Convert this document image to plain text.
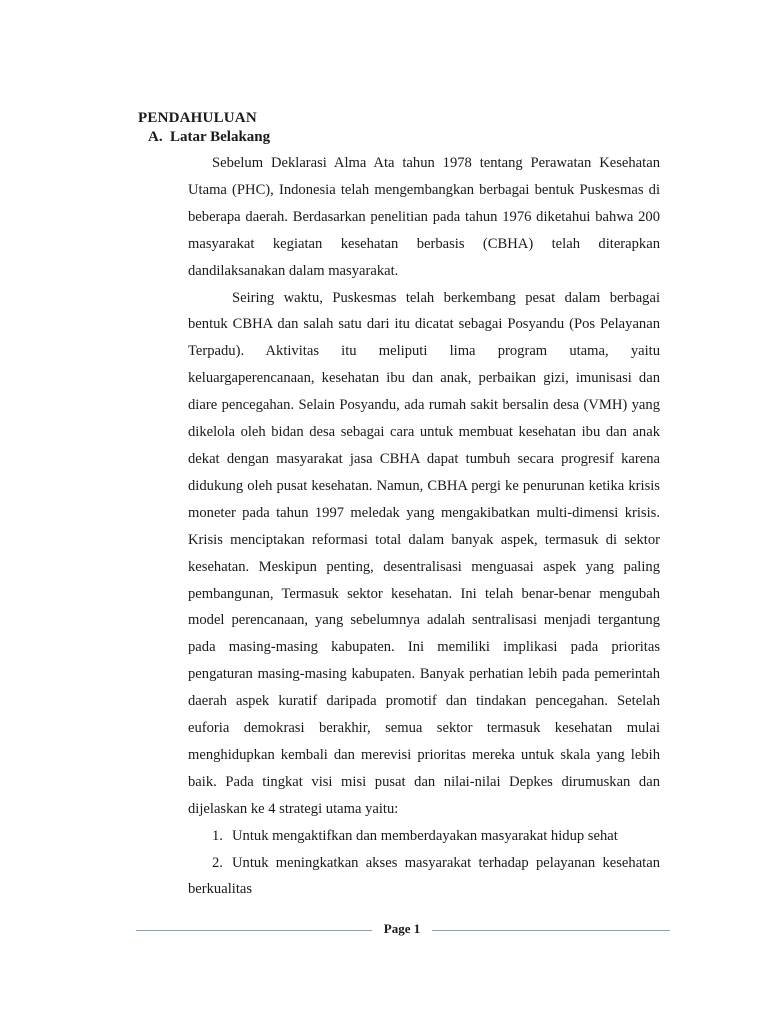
PENDAHULUAN
A. Latar Belakang

Sebelum Deklarasi Alma Ata tahun 1978 tentang Perawatan Kesehatan Utama (PHC), Indonesia telah mengembangkan berbagai bentuk Puskesmas di beberapa daerah. Berdasarkan penelitian pada tahun 1976 diketahui bahwa 200 masyarakat kegiatan kesehatan berbasis (CBHA) telah diterapkan dandilaksanakan dalam masyarakat.

Seiring waktu, Puskesmas telah berkembang pesat dalam berbagai bentuk CBHA dan salah satu dari itu dicatat sebagai Posyandu (Pos Pelayanan Terpadu). Aktivitas itu meliputi lima program utama, yaitu keluargaperencanaan, kesehatan ibu dan anak, perbaikan gizi, imunisasi dan diare pencegahan. Selain Posyandu, ada rumah sakit bersalin desa (VMH) yang dikelola oleh bidan desa sebagai cara untuk membuat kesehatan ibu dan anak dekat dengan masyarakat jasa CBHA dapat tumbuh secara progresif karena didukung oleh pusat kesehatan. Namun, CBHA pergi ke penurunan ketika krisis moneter pada tahun 1997 meledak yang mengakibatkan multi-dimensi krisis. Krisis menciptakan reformasi total dalam banyak aspek, termasuk di sektor kesehatan. Meskipun penting, desentralisasi menguasai aspek yang paling pembangunan, Termasuk sektor kesehatan. Ini telah benar-benar mengubah model perencanaan, yang sebelumnya adalah sentralisasi menjadi tergantung pada masing-masing kabupaten. Ini memiliki implikasi pada prioritas pengaturan masing-masing kabupaten. Banyak perhatian lebih pada pemerintah daerah aspek kuratif daripada promotif dan tindakan pencegahan. Setelah euforia demokrasi berakhir, semua sektor termasuk kesehatan mulai menghidupkan kembali dan merevisi prioritas mereka untuk skala yang lebih baik. Pada tingkat visi misi pusat dan nilai-nilai Depkes dirumuskan dan dijelaskan ke 4 strategi utama yaitu:

1. Untuk mengaktifkan dan memberdayakan masyarakat hidup sehat
2. Untuk meningkatkan akses masyarakat terhadap pelayanan kesehatan berkualitas
Page 1
